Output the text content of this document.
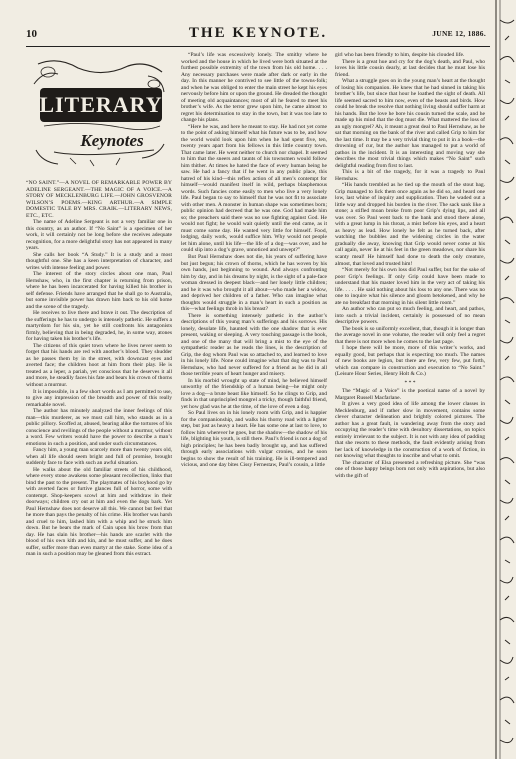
10	THE KEYNOTE.	JUNE 12, 1886.
LITERARY
Keynotes

“NO SAINT.”—A NOVEL OF REMARKABLE POWER BY ADELINE SERGEANT.—THE MAGIC OF A VOICE.—A STORY OF MECKLENBURG LIFE.—JOHN GROSVENOR WILSON’S POEMS.—KING ARTHUR.—A SIMPLE DOMESTIC TALE BY MRS. CRAIK.—LITERARY NEWS, ETC., ETC.

The name of Adeline Sergeant is not a very familiar one in this country, as an author. If “No Saint” is a specimen of her work, it will certainly not be long before she receives adequate recognition, for a more delightful story has not appeared in many years.

She calls her book “A Study.” It is a study and a most thoughtful one. She has a keen interpretation of character, and writes with intense feeling and power.

The interest of the story circles about one man, Paul Hernshaw, who, in the first chapter is returning from prison, where he has been incarcerated for having killed his brother in self defense. Friends have arranged that he shall go to Australia, but some invisible power has drawn him back to his old home and the scene of the tragedy.

He receives to live there and brave it out. The description of the sufferings he has to undergo is intensely pathetic. He suffers a martyrdom for his sin, yet he still confronts his antagonists firmly, believing that in being degraded, he, in some way, atones for having taken his brother’s life.

The citizens of this quiet town where he lives never seem to forget that his hands are red with another’s blood. They shudder as he passes them by in the street, with downcast eyes and averted face; the children hoot at him from their play. He is treated as a leper, a pariah, yet conscious that he deserves it all and more, he steadily faces his fate and bears his crown of thorns without a murmur.

It is impossible, in a few short words as I am permitted to use, to give any impression of the breadth and power of this really remarkable novel.

The author has minutely analyzed the inner feelings of this man—this murderer, as we must call him, who stands as in a public pillory. Scoffed at, abused, bearing alike the tortures of his conscience and revilings of the people without a murmur, without a word. Few writers would have the power to describe a man’s emotions in such a position, and under such circumstances.

Fancy him, a young man scarcely more than twenty years old, when all life should seem bright and full of promise, brought suddenly face to face with such an awful situation.

He walks about the old familiar streets of his childhood, where every stone awakens some pleasant recollection, links that bind the past to the present. The playmates of his boyhood go by with averted faces or furtive glances full of horror, some with contempt. Shop-keepers scowl at him and withdraw in their doorways; children cry out at him and even the dogs bark. Yet Paul Hernshaw does not deserve all this. We cannot but feel that he more than pays the penalty of his crime. His brother was harsh and cruel to him, lashed him with a whip and he struck him down. But he bears the mark of Cain upon his brow from that day. He has slain his brother—his hands are scarlet with the blood of his own kith and kin, and he must suffer, and he does suffer, suffer more than even martyr at the stake. Some idea of a man in such a position may be gleaned from this extract.

“Paul’s life was excessively lonely. The smithy where he worked and the house in which he lived were both situated at the furthest possible extremity of the town from his old home. . . . Any necessary purchases were made after dark or early in the day. In this manner he contrived to see little of the towns-folk; and when he was obliged to enter the main street he kept his eyes nervously before him or upon the ground. He dreaded the thought of meeting old acquaintances; most of all he feared to meet his brother’s wife. As the terror grew upon him, he came almost to regret his determination to stay in the town, but it was too late to change his plans.

“Here he was, and here he meant to stay. He had not yet come to the point of asking himself what his future was to be, and how the world would look upon him when he had spent five, ten, twenty years apart from his fellows in this little country town. That came later. He went neither to church nor chapel. It seemed to him that the sneers and taunts of his townsmen would follow him thither. At times he hated the face of every human being he saw. He had a fancy that if he went in any public place, this hatred of his kind—this reflex action of all men’s contempt for himself—would manifest itself in wild, perhaps blasphemous words. Such fancies come easily to men who live a very lonely life. Paul began to say to himself that he was not fit to associate with other men. A monster in human shape was sometimes born; public opinion had decreed that he was one. God had made him so; the preachers said there was no use fighting against God. He would not fight; he would wait quietly until the end came, as it must come some day. He wanted very little for himself. Food, lodging, daily work, would suffice him. Why would not people let him alone, until his life—the life of a dog—was over, and he could slip into a dog’s grave, unnoticed and unwept?”

But Paul Hernshaw does not die, his years of suffering have but just begun; his crown of thorns, which he has woven by his own hands, just beginning to wound. And always confronting him by day, and in his dreams by night, is the sight of a pale-face woman dressed in deepest black—and her lonely little children; and he it was who brought it all about—who made her a widow, and deprived her children of a father. Who can imagine what thoughts would struggle in a man’s heart in such a position as this—what feelings throb in his breast?

There is something intensely pathetic in the author’s descriptions of this young man’s sufferings and his sorrows. His lonely, desolate life, haunted with the one shadow that is ever present, waking or sleeping. A very touching passage is the book, and one of the many that will bring a mist to the eye of the sympathetic reader as he reads the lines, is the description of Grip, the dog whom Paul was so attached to, and learned to love in his lonely life. None could imagine what that dog was to Paul Hernshaw, who had never suffered for a friend as he did in all those terrible years of heart hunger and misery.

In his morbid wrought up state of mind, he believed himself unworthy of the friendship of a human being—he might only love a dog—a brute beast like himself. So he clings to Grip, and finds in that unprincipled mongrel a tricky, though faithful friend, yet how glad was he at the time, of the love of even a dog.

So Paul lives on in his lonely room with Grip, and is happier for the companionship, and walks his thorny road with a lighter step, but just as heavy a heart. He has some one at last to love, to follow him wherever he goes, but the shadow—the shadow of his life, blighting his youth, is still there. Paul’s friend is not a dog of high principles; he has been badly brought up, and has suffered through early associations with vulgar cronies, and he soon begins to show the result of his training. He is ill-tempered and vicious, and one day bites Cissy Fernestaw, Paul’s cousin, a little

girl who has been friendly to him, despite his clouded life.

There is a great hue and cry for the dog’s death, and Paul, who loves his little cousin dearly, at last decides that he must lose his friend.

What a struggle goes on in the young man’s heart at the thought of losing his companion. He knew that he had sinned in taking his brother’s life, but since that hour he loathed the sight of death. All life seemed sacred to him now, even of the beasts and birds. How could he break the resolve that nothing living should suffer harm at his hands. But the love he bore his cousin turned the scale, and he made up his mind that the dog must die. What mattered the loss of an ugly mongrel? Ah, it meant a great deal to Paul Hernshaw, as he sat that morning on the bank of the river and called Grip to him for the last time. It may be a very trivial thing to put it in a book—the drowning of cur, but the author has managed to put a world of pathos in the incident. It is an interesting and moving way she describes the most trivial things which makes “No Saint” such delightful reading from first to last.

This is a bit of the tragedy, for it was a tragedy to Paul Hernshaw.

“His hands trembled as he tied up the mouth of the stout bag. Grip managed to lick them once again as he did so, and heard one low, last whine of inquiry and supplication. Then he waded out a little way and dropped his burden in the river. The sack sank like a stone; a stifled moan broke from poor Grip’s dying lips, and all was over. So Paul went back to the bank and stood there alone, with a great lump in his throat, a mist before his eyes, and a heart as heavy as lead. How lonely he felt as he turned back, after watching the bubbles and the widening circles in the water gradually die away, knowing that Grip would never come at his call again, never lie at his feet in the green meadows, nor share his scanty meal! He himself had done to death the only creature, almost, that loved and trusted him!

“Not merely for his own loss did Paul suffer, but for the sake of poor Grip’s feelings. If only Grip could have been made to understand that his master loved him in the very act of taking his life. . . . . He said nothing about his loss to any one. There was no one to inquire what his silence and gloom betokened, and why he ate no breakfast that morning in his silent little room.”

An author who can put so much feeling, and heart, and pathos, into such a trivial incident, certainly is possessed of no mean descriptive powers.

The book is so uniformly excellent, that, though it is longer than the average novel in one volume, the reader will only feel a regret that there is not more when he comes to the last page.

I hope there will be more, more of this writer’s works, and equally good, but perhaps that is expecting too much. The names of new books are legion, but there are few, very few, put forth, which can compare in construction and execution to “No Saint.” (Leisure Hour Series, Henry Holt & Co.)

* * *

The “Magic of a Voice” is the poetical name of a novel by Margaret Russell Macfarlane.

It gives a very good idea of life among the lower classes in Mecklenburg, and if rather slow in movement, contains some clever character delineation and brightly colored pictures. The author has a great fault, in wandering away from the story and occupying the reader’s time with desultory dissertations, on topics entirely irrelevant to the subject. It is not with any idea of padding that she resorts to these methods, the fault evidently arising from her lack of knowledge in the construction of a work of fiction, in not knowing what thoughts to inscribe and what to omit.

The character of Elsa presented a refreshing picture. She “was one of those happy beings born not only with aspirations, but also with the gift of
